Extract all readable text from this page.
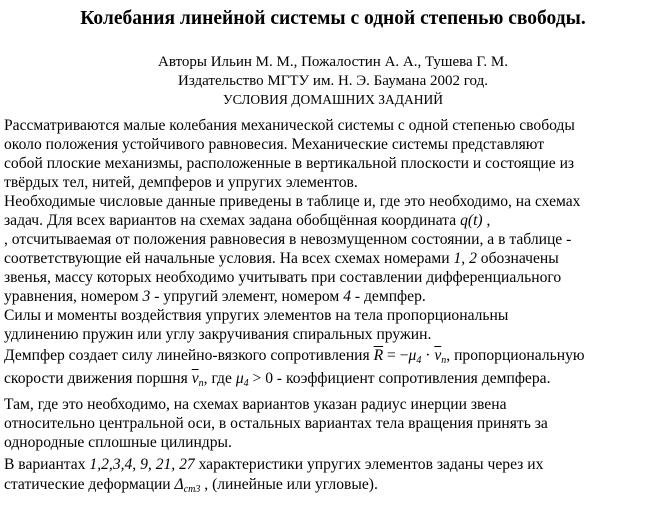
Колебания линейной системы с одной степенью свободы.
Авторы Ильин М. М., Пожалостин А. А., Тушева Г. М.
Издательство МГТУ им. Н. Э. Баумана 2002 год.
УСЛОВИЯ ДОМАШНИХ ЗАДАНИЙ
Рассматриваются малые колебания механической системы с одной степенью свободы
около положения устойчивого равновесия. Механические системы представляют
собой плоские механизмы, расположенные в вертикальной плоскости и состоящие из
твёрдых тел, нитей, демпферов и упругих элементов.
Необходимые числовые данные приведены в таблице и, где это необходимо, на схемах
задач. Для всех вариантов на схемах задана обобщённая координата q(t) ,
, отсчитываемая от положения равновесия в невозмущенном состоянии, а в таблице -
соответствующие ей начальные условия. На всех схемах номерами 1, 2 обозначены
звенья, массу которых необходимо учитывать при составлении дифференциального
уравнения, номером 3 - упругий элемент, номером 4 - демпфер.
Силы и моменты воздействия упругих элементов на тела пропорциональны
удлинению пружин или углу закручивания спиральных пружин.
Демпфер создает силу линейно-вязкого сопротивления $\overline{R} = -\mu_4 \cdot \overline{v}_п$, пропорциональную
скорости движения поршня $\overline{v}_п$, где $\mu_4 > 0$ - коэффициент сопротивления демпфера.
Там, где это необходимо, на схемах вариантов указан радиус инерции звена
относительно центральной оси, в остальных вариантах тела вращения принять за
однородные сплошные цилиндры.
В вариантах 1,2,3,4, 9, 21, 27 характеристики упругих элементов заданы через их
статические деформации $\Delta_{ст3}$ , (линейные или угловые).
